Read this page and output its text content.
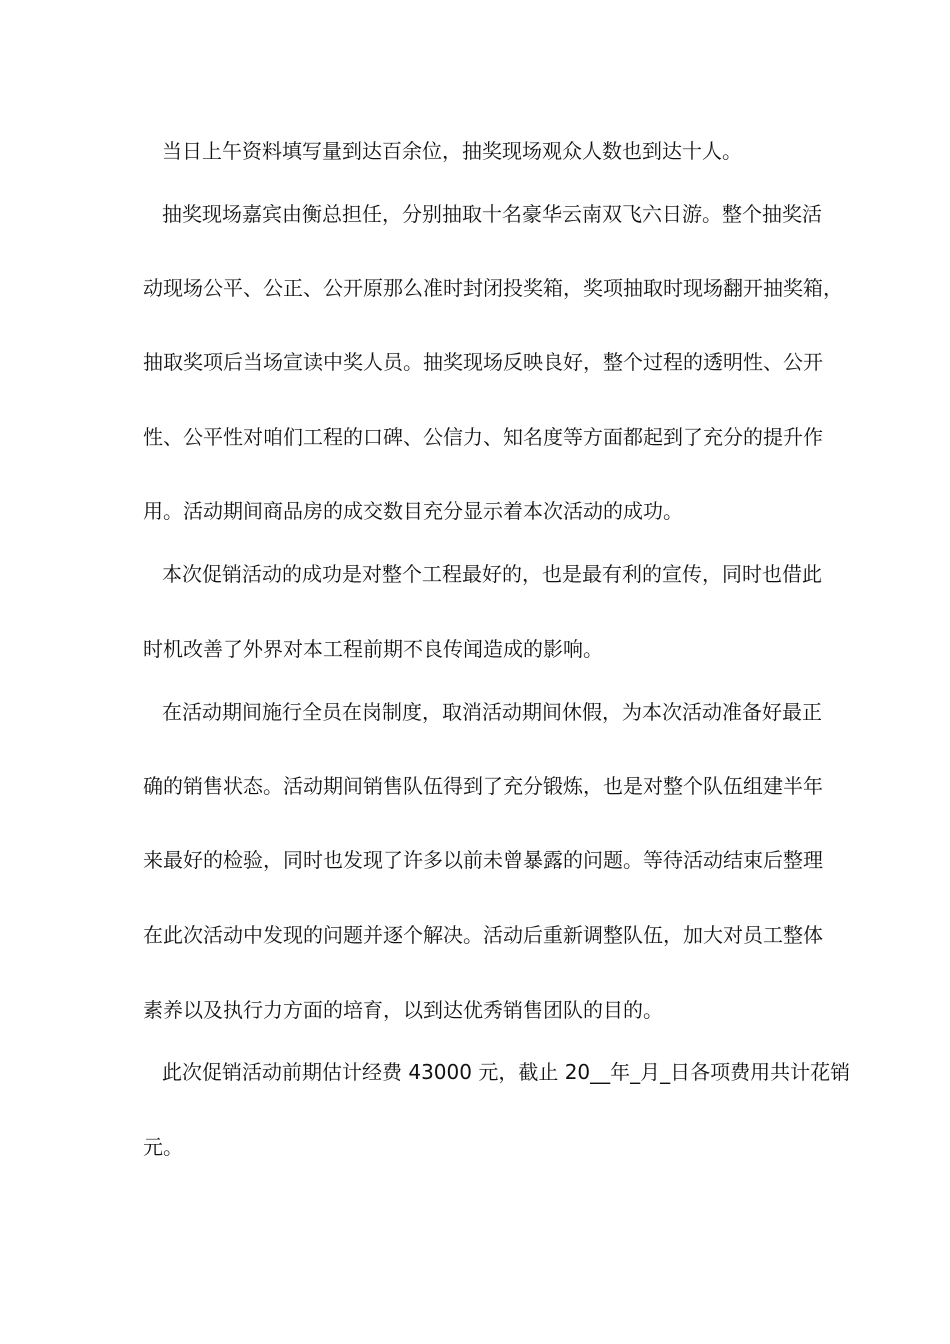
当日上午资料填写量到达百余位，抽奖现场观众人数也到达十人。
抽奖现场嘉宾由衡总担任，分别抽取十名豪华云南双飞六日游。整个抽奖活
动现场公平、公正、公开原那么准时封闭投奖箱，奖项抽取时现场翻开抽奖箱，
抽取奖项后当场宣读中奖人员。抽奖现场反映良好，整个过程的透明性、公开
性、公平性对咱们工程的口碑、公信力、知名度等方面都起到了充分的提升作
用。活动期间商品房的成交数目充分显示着本次活动的成功。
本次促销活动的成功是对整个工程最好的，也是最有利的宣传，同时也借此
时机改善了外界对本工程前期不良传闻造成的影响。
在活动期间施行全员在岗制度，取消活动期间休假，为本次活动准备好最正
确的销售状态。活动期间销售队伍得到了充分锻炼，也是对整个队伍组建半年
来最好的检验，同时也发现了许多以前未曾暴露的问题。等待活动结束后整理
在此次活动中发现的问题并逐个解决。活动后重新调整队伍，加大对员工整体
素养以及执行力方面的培育，以到达优秀销售团队的目的。
此次促销活动前期估计经费 43000 元，截止 20__年_月_日各项费用共计花销
元。
